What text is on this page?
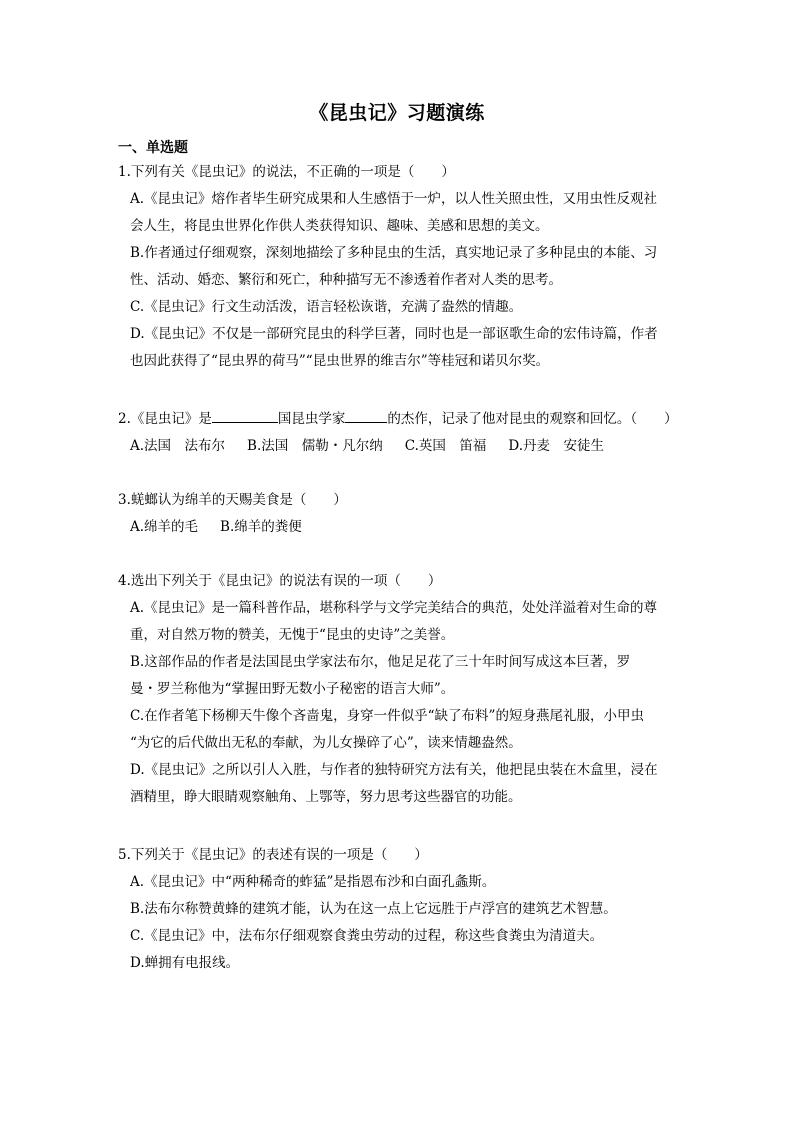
《昆虫记》习题演练
一、单选题

1.下列有关《昆虫记》的说法，不正确的一项是（　　）

A.《昆虫记》熔作者毕生研究成果和人生感悟于一炉，以人性关照虫性，又用虫性反观社

会人生，将昆虫世界化作供人类获得知识、趣味、美感和思想的美文。

B.作者通过仔细观察，深刻地描绘了多种昆虫的生活，真实地记录了多种昆虫的本能、习

性、活动、婚恋、繁衍和死亡，种种描写无不渗透着作者对人类的思考。

C.《昆虫记》行文生动活泼，语言轻松诙谐，充满了盎然的情趣。

D.《昆虫记》不仅是一部研究昆虫的科学巨著，同时也是一部讴歌生命的宏伟诗篇，作者

也因此获得了“昆虫界的荷马”“昆虫世界的维吉尔”等桂冠和诺贝尔奖。

2.《昆虫记》是	国昆虫学家	的杰作，记录了他对昆虫的观察和回忆。（　　）

A.法国　法布尔 B.法国　儒勒・凡尔纳 C.英国　笛福 D.丹麦　安徒生

3.蜣螂认为绵羊的天赐美食是（　　）

A.绵羊的毛 B.绵羊的粪便

4.选出下列关于《昆虫记》的说法有误的一项（　　）

A.《昆虫记》是一篇科普作品，堪称科学与文学完美结合的典范，处处洋溢着对生命的尊

重，对自然万物的赞美，无愧于“昆虫的史诗”之美誉。

B.这部作品的作者是法国昆虫学家法布尔，他足足花了三十年时间写成这本巨著，罗

曼・罗兰称他为“掌握田野无数小子秘密的语言大师”。

C.在作者笔下杨柳天牛像个吝啬鬼，身穿一件似乎“缺了布料”的短身燕尾礼服，小甲虫

“为它的后代做出无私的奉献，为儿女操碎了心”，读来情趣盎然。

D.《昆虫记》之所以引人入胜，与作者的独特研究方法有关，他把昆虫装在木盒里，浸在

酒精里，睁大眼睛观察触角、上鄂等，努力思考这些器官的功能。

5.下列关于《昆虫记》的表述有误的一项是（　　）

A.《昆虫记》中“两种稀奇的蚱猛”是指恩布沙和白面孔螽斯。

B.法布尔称赞黄蜂的建筑才能，认为在这一点上它远胜于卢浮宫的建筑艺术智慧。

C.《昆虫记》中，法布尔仔细观察食粪虫劳动的过程，称这些食粪虫为清道夫。

D.蝉拥有电报线。
